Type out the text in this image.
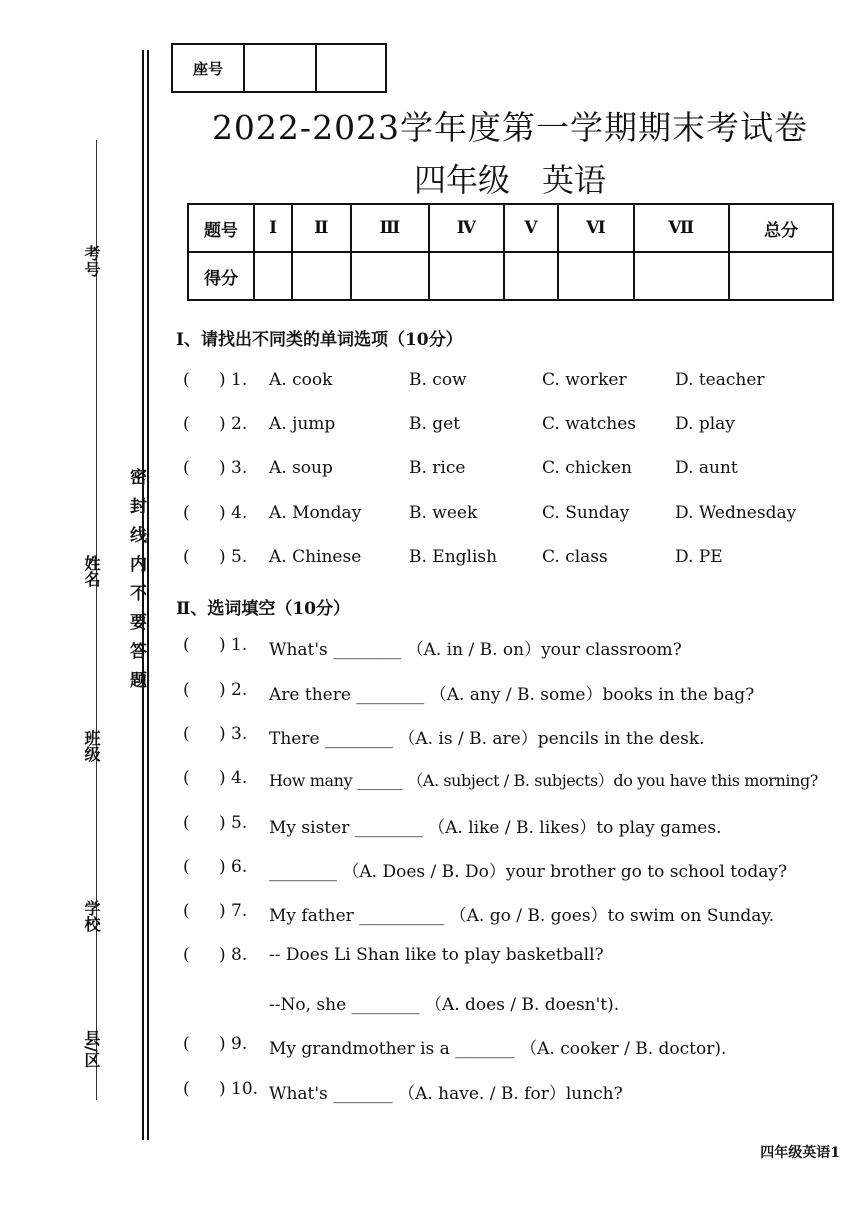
考号
姓名
班级
学校
县/区
密封线内不要答题
座号
2022-2023学年度第一学期期末考试卷
四年级　英语
题号	I	Ⅱ	Ⅲ	Ⅳ	V	Ⅵ	Ⅶ	总分
得分								
Ⅰ、请找出不同类的单词选项（10分）
( ) 1. A. cook	B. cow	C. worker	D. teacher
( ) 2. A. jump	B. get	C. watches D. play
( ) 3. A. soup	B. rice	C. chicken	D. aunt
( ) 4. A. Monday	B. week	C. Sunday	D. Wednesday
( ) 5. A. Chinese	B. English	C. class	D. PE
Ⅱ、选词填空（10分）
( ) 1. What's ________ （A. in / B. on）your classroom?
( ) 2. Are there ________ （A. any / B. some）books in the bag?
( ) 3. There ________ （A. is / B. are）pencils in the desk.
( ) 4. How many ______ （A. subject / B. subjects）do you have this morning?
( ) 5. My sister ________ （A. like / B. likes）to play games.
( ) 6. ________ （A. Does / B. Do）your brother go to school today?
( ) 7. My father __________ （A. go / B. goes）to swim on Sunday.
( ) 8. -- Does Li Shan like to play basketball?
--No, she ________ （A. does / B. doesn't).
( ) 9. My grandmother is a _______ （A. cooker / B. doctor).
( ) 10. What's _______ （A. have. / B. for）lunch?
四年级英语1
